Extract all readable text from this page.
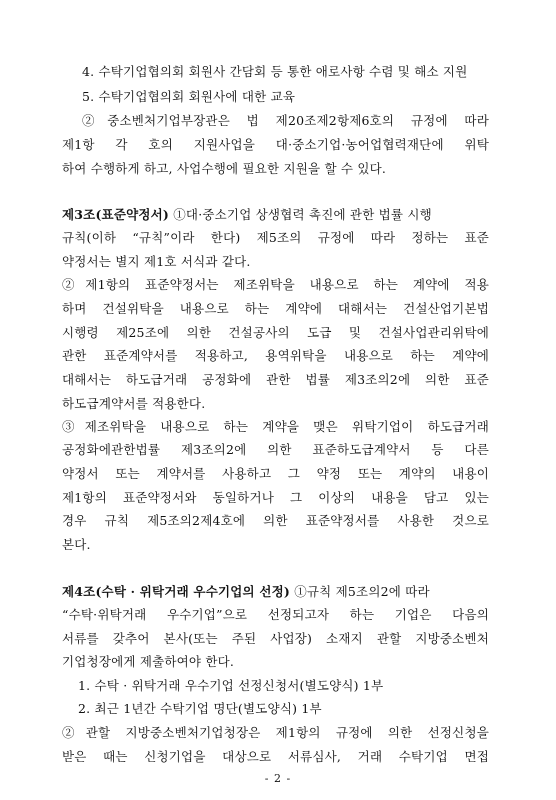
4. 수탁기업협의회 회원사 간담회 등 통한 애로사항 수렴 및 해소 지원
5. 수탁기업협의회 회원사에 대한 교육
②중소벤처기업부장관은 법 제20조제2항제6호의 규정에 따라
제1항 각 호의 지원사업을 대·중소기업·농어업협력재단에 위탁
하여 수행하게 하고, 사업수행에 필요한 지원을 할 수 있다.
제3조(표준약정서) ①대·중소기업 상생협력 촉진에 관한 법률 시행
규칙(이하 “규칙”이라 한다) 제5조의 규정에 따라 정하는 표준
약정서는 별지 제1호 서식과 같다.
②제1항의 표준약정서는 제조위탁을 내용으로 하는 계약에 적용
하며 건설위탁을 내용으로 하는 계약에 대해서는 건설산업기본법
시행령 제25조에 의한 건설공사의 도급 및 건설사업관리위탁에
관한 표준계약서를 적용하고, 용역위탁을 내용으로 하는 계약에
대해서는 하도급거래 공정화에 관한 법률 제3조의2에 의한 표준
하도급계약서를 적용한다.
③제조위탁을 내용으로 하는 계약을 맺은 위탁기업이 하도급거래
공정화에관한법률 제3조의2에 의한 표준하도급계약서 등 다른
약정서 또는 계약서를 사용하고 그 약정 또는 계약의 내용이
제1항의 표준약정서와 동일하거나 그 이상의 내용을 담고 있는
경우 규칙 제5조의2제4호에 의한 표준약정서를 사용한 것으로
본다.
제4조(수탁 · 위탁거래 우수기업의 선정) ①규칙 제5조의2에 따라
“수탁·위탁거래 우수기업”으로 선정되고자 하는 기업은 다음의
서류를 갖추어 본사(또는 주된 사업장) 소재지 관할 지방중소벤처
기업청장에게 제출하여야 한다.
1. 수탁 · 위탁거래 우수기업 선정신청서(별도양식) 1부
2. 최근 1년간 수탁기업 명단(별도양식) 1부
②관할 지방중소벤처기업청장은 제1항의 규정에 의한 선정신청을
받은 때는 신청기업을 대상으로 서류심사, 거래 수탁기업 면접
- 2 -
